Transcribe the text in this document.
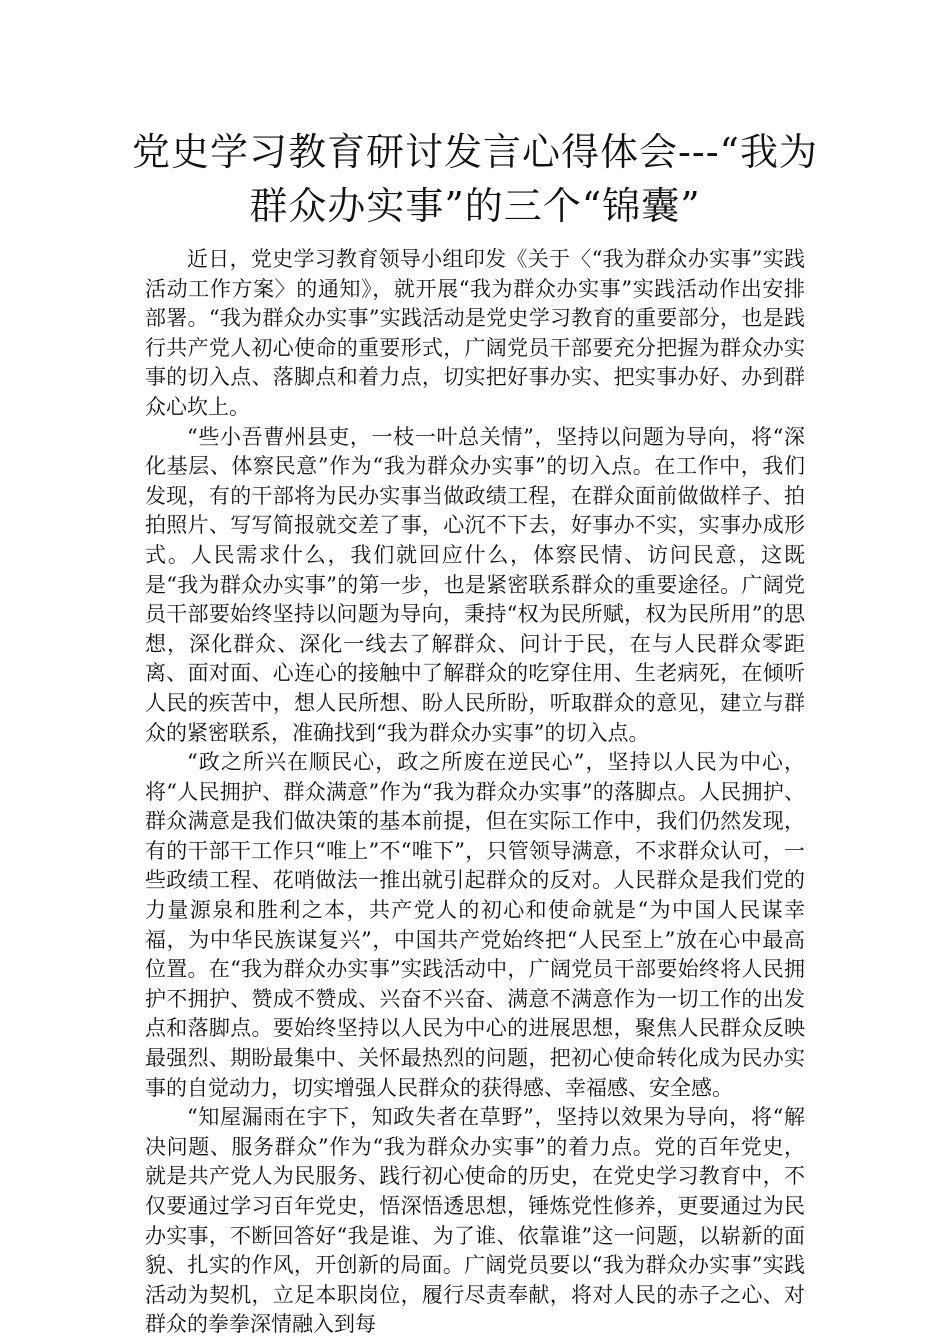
党史学习教育研讨发言心得体会---“我为
群众办实事”的三个“锦囊”

近日，党史学习教育领导小组印发《关于〈“我为群众办实事”实践活动工作方案〉的通知》，就开展“我为群众办实事”实践活动作出安排部署。“我为群众办实事”实践活动是党史学习教育的重要部分，也是践行共产党人初心使命的重要形式，广阔党员干部要充分把握为群众办实事的切入点、落脚点和着力点，切实把好事办实、把实事办好、办到群众心坎上。

“些小吾曹州县吏，一枝一叶总关情”，坚持以问题为导向，将“深化基层、体察民意”作为“我为群众办实事”的切入点。在工作中，我们发现，有的干部将为民办实事当做政绩工程，在群众面前做做样子、拍拍照片、写写简报就交差了事，心沉不下去，好事办不实，实事办成形式。人民需求什么，我们就回应什么，体察民情、访问民意，这既是“我为群众办实事”的第一步，也是紧密联系群众的重要途径。广阔党员干部要始终坚持以问题为导向，秉持“权为民所赋，权为民所用”的思想，深化群众、深化一线去了解群众、问计于民，在与人民群众零距离、面对面、心连心的接触中了解群众的吃穿住用、生老病死，在倾听人民的疾苦中，想人民所想、盼人民所盼，听取群众的意见，建立与群众的紧密联系，准确找到“我为群众办实事”的切入点。

“政之所兴在顺民心，政之所废在逆民心”，坚持以人民为中心，将“人民拥护、群众满意”作为“我为群众办实事”的落脚点。人民拥护、群众满意是我们做决策的基本前提，但在实际工作中，我们仍然发现，有的干部干工作只“唯上”不“唯下”，只管领导满意，不求群众认可，一些政绩工程、花哨做法一推出就引起群众的反对。人民群众是我们党的力量源泉和胜利之本，共产党人的初心和使命就是“为中国人民谋幸福，为中华民族谋复兴”，中国共产党始终把“人民至上”放在心中最高位置。在“我为群众办实事”实践活动中，广阔党员干部要始终将人民拥护不拥护、赞成不赞成、兴奋不兴奋、满意不满意作为一切工作的出发点和落脚点。要始终坚持以人民为中心的进展思想，聚焦人民群众反映最强烈、期盼最集中、关怀最热烈的问题，把初心使命转化成为民办实事的自觉动力，切实增强人民群众的获得感、幸福感、安全感。

“知屋漏雨在宇下，知政失者在草野”，坚持以效果为导向，将“解决问题、服务群众”作为“我为群众办实事”的着力点。党的百年党史，就是共产党人为民服务、践行初心使命的历史，在党史学习教育中，不仅要通过学习百年党史，悟深悟透思想，锤炼党性修养，更要通过为民办实事，不断回答好“我是谁、为了谁、依靠谁”这一问题，以崭新的面貌、扎实的作风，开创新的局面。广阔党员要以“我为群众办实事”实践活动为契机，立足本职岗位，履行尽责奉献，将对人民的赤子之心、对群众的拳拳深情融入到每
